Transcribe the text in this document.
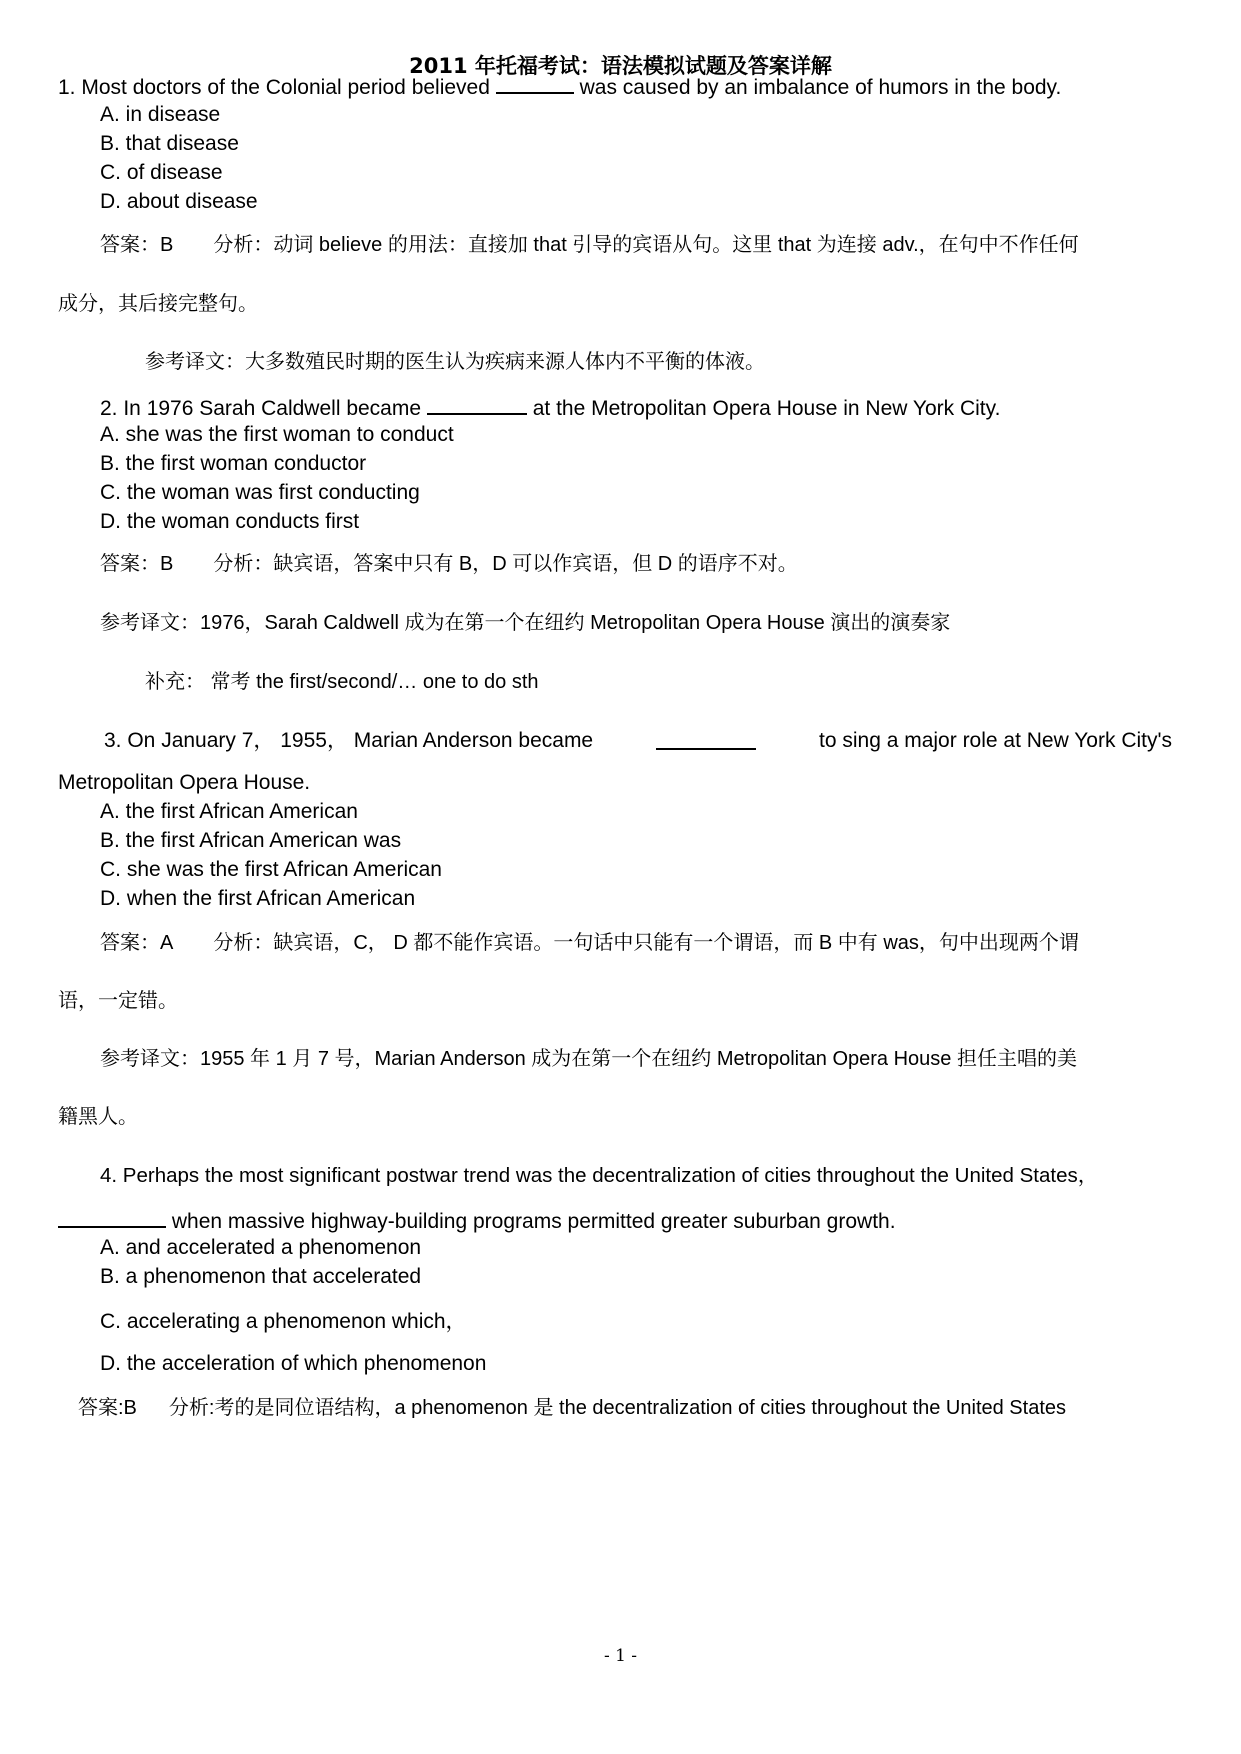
2011 年托福考试：语法模拟试题及答案详解
1. Most doctors of the Colonial period believed	was caused by an imbalance of humors in the body.
A. in disease
B. that disease
C. of disease
D. about disease
答案：B 分析：动词 believe 的用法：直接加 that 引导的宾语从句。这里 that 为连接 adv.，在句中不作任何
成分，其后接完整句。
参考译文：大多数殖民时期的医生认为疾病来源人体内不平衡的体液。
2. In 1976 Sarah Caldwell became	at the Metropolitan Opera House in New York City.
A. she was the first woman to conduct
B. the first woman conductor
C. the woman was first conducting
D. the woman conducts first
答案：B 分析：缺宾语，答案中只有 B，D 可以作宾语，但 D 的语序不对。
参考译文：1976，Sarah Caldwell 成为在第一个在纽约 Metropolitan Opera House 演出的演奏家
补充： 常考 the first/second/… one to do sth
3. On January 7， 1955， Marian Anderson became	to sing a major role at New York City's
Metropolitan Opera House.
A. the first African American
B. the first African American was
C. she was the first African American
D. when the first African American
答案：A 分析：缺宾语，C， D 都不能作宾语。一句话中只能有一个谓语，而 B 中有 was，句中出现两个谓
语，一定错。
参考译文：1955 年 1 月 7 号，Marian Anderson 成为在第一个在纽约 Metropolitan Opera House 担任主唱的美
籍黑人。
4. Perhaps the most significant postwar trend was the decentralization of cities throughout the United States，
when massive highway-building programs permitted greater suburban growth.
A. and accelerated a phenomenon
B. a phenomenon that accelerated
C. accelerating a phenomenon which，
D. the acceleration of which phenomenon
答案:B 分析:考的是同位语结构，a phenomenon 是 the decentralization of cities throughout the United States
- 1 -
